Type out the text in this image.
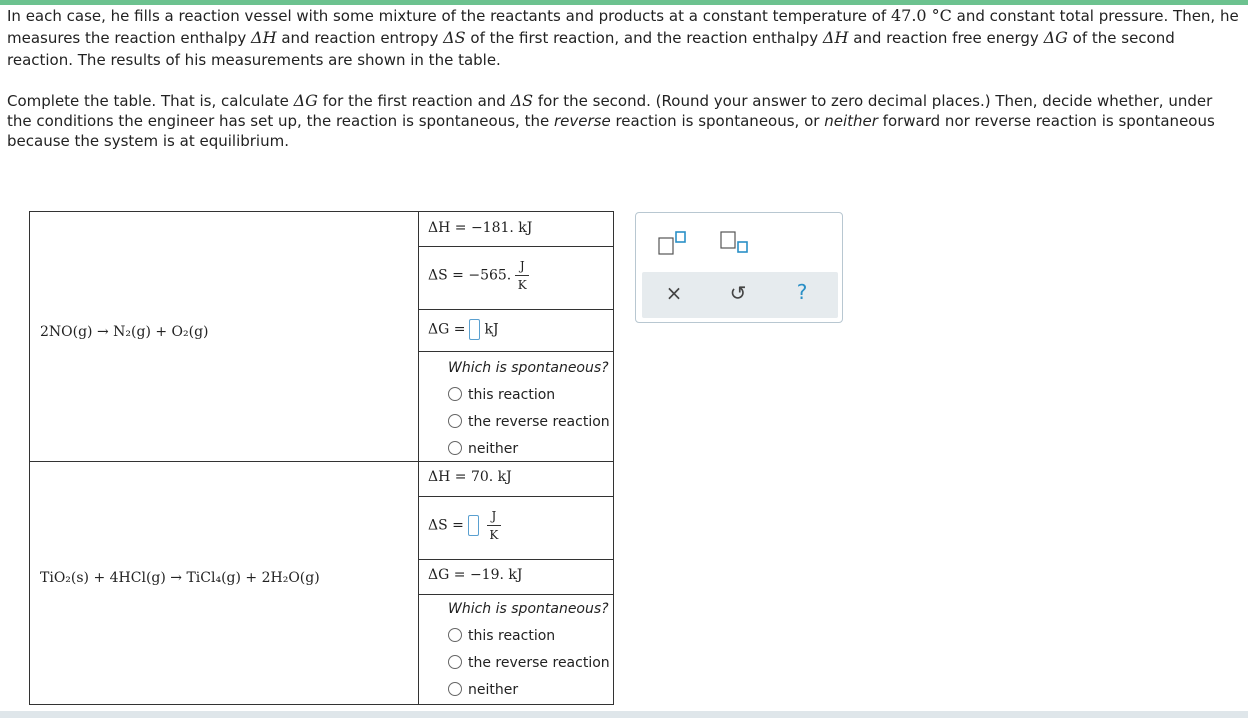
In each case, he fills a reaction vessel with some mixture of the reactants and products at a constant temperature of 47.0 °C and constant total pressure. Then, he measures the reaction enthalpy ΔH and reaction entropy ΔS of the first reaction, and the reaction enthalpy ΔH and reaction free energy ΔG of the second reaction. The results of his measurements are shown in the table.

Complete the table. That is, calculate ΔG for the first reaction and ΔS for the second. (Round your answer to zero decimal places.) Then, decide whether, under the conditions the engineer has set up, the reaction is spontaneous, the reverse reaction is spontaneous, or neither forward nor reverse reaction is spontaneous because the system is at equilibrium.

2NO(g) → N₂(g) + O₂(g)
ΔH = −181. kJ
ΔS = −565. $\frac{J}{K}$
ΔG = kJ
Which is spontaneous?
this reaction
the reverse reaction
neither
TiO₂(s) + 4HCl(g) → TiCl₄(g) + 2H₂O(g)
ΔH = 70. kJ
$\Delta S = \frac{J}{K}$
ΔG = −19. kJ
Which is spontaneous?
this reaction
the reverse reaction
neither
× ↺	?
